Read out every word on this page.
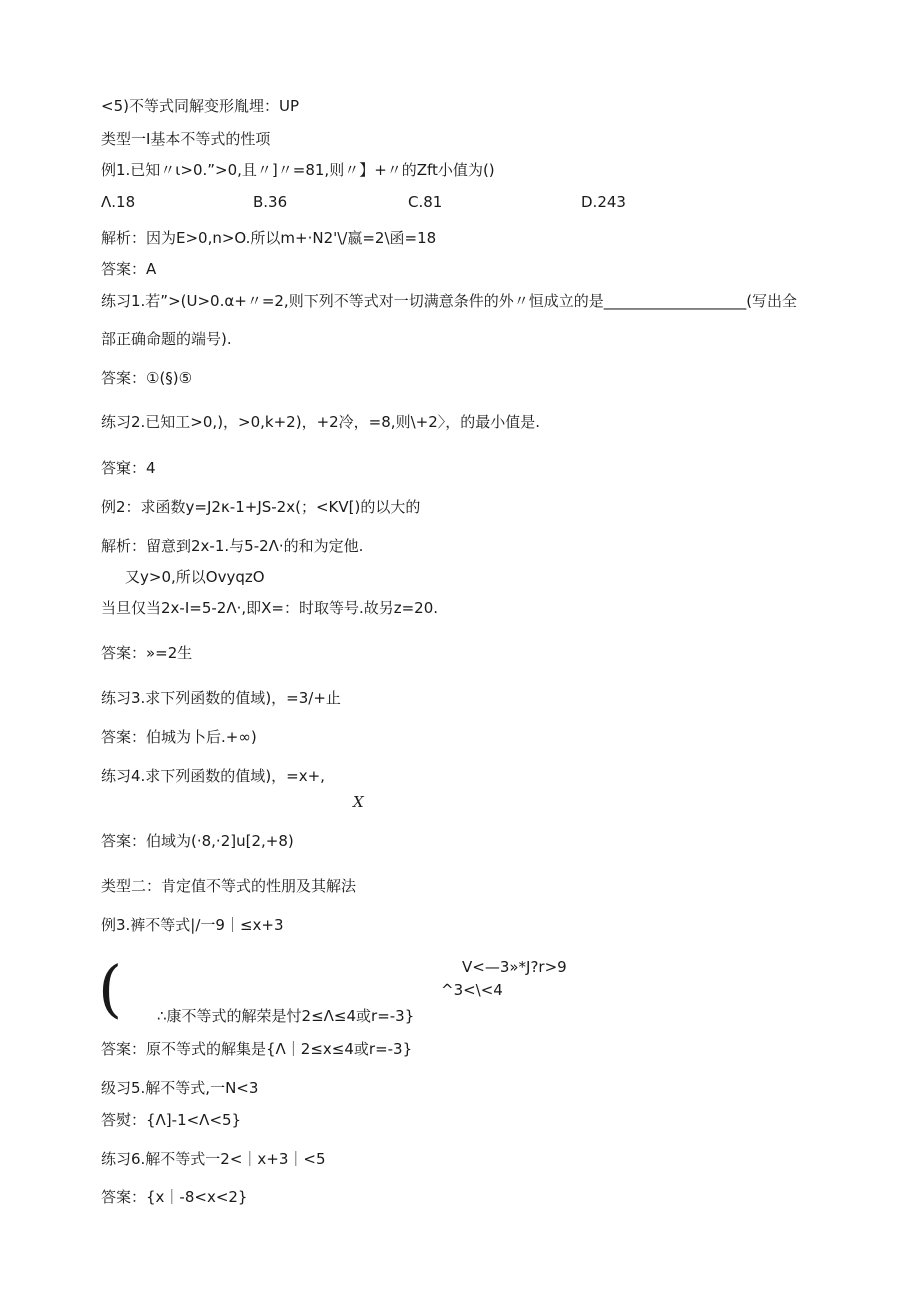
<5)不等式同解变形胤埋：UP
类型一I基本不等式的性项
例1.已知〃ι>0.”>0,且〃]〃=81,则〃】+〃的Zft小值为()
Λ.18	B.36	C.81	D.243
解析：因为E>0,n>O.所以m+·N2'\/嬴=2\函=18
答案：A
练习1.若”>(U>0.α+〃=2,则下列不等式对一切满意条件的外〃恒成立的是___________________(写出全
部正确命题的端号).
答案：①(§)⑤
练习2.已知工>0,)，>0,k+2)，+2冷，=8,则\+2〉，的最小值是.
答窠：4
例2：求函数y=J2κ-1+JS-2x(；<KV[)的以大的
解析：留意到2x-1.与5-2Λ·的和为定他.
又y>0,所以OvyqzO
当旦仅当2x-I=5-2Λ·,即X=：时取等号.故另z=20.
答案：»=2生
练习3.求下列函数的值域)，=3/+止
答案：伯城为卜后.+∞)
练习4.求下列函数的值域)，=x+,
X
答案：伯域为(·8,·2]u[2,+8)
类型二：肯定值不等式的性朋及其解法
例3.裤不等式|∕一9｜≤x+3
(	V<—3»*J?r>9
^3<\<4
∴康不等式的解荣是忖2≤Λ≤4或r=-3}
答案：原不等式的解集是{Λ｜2≤x≤4或r=-3}
级习5.解不等式,一N<3
答熨：{Λ]-1<Λ<5}
练习6.解不等式一2<｜x+3｜<5
答案：{x｜-8<x<2}
